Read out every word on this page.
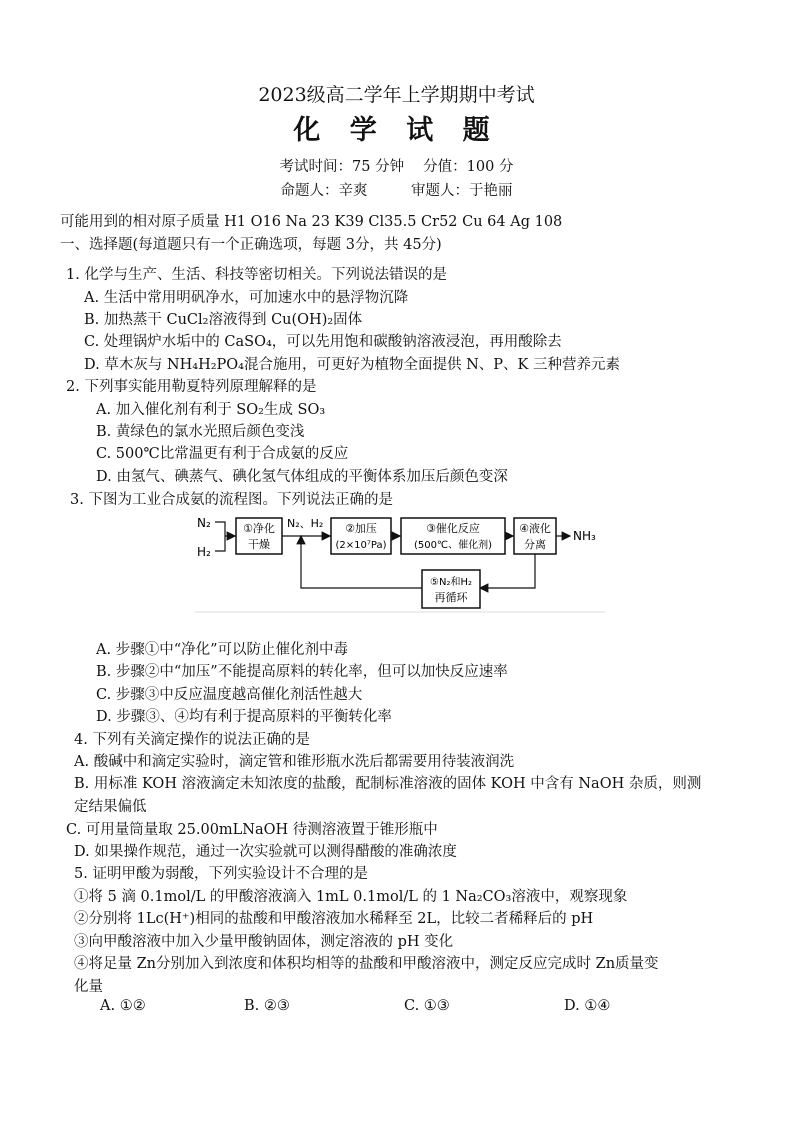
2023级高二学年上学期期中考试
化 学 试 题
考试时间：75 分钟　 分值：100 分
命题人：辛爽　　　审题人：于艳丽
可能用到的相对原子质量 H1 O16 Na 23 K39 Cl35.5 Cr52 Cu 64 Ag 108
一、选择题(每道题只有一个正确选项，每题 3分，共 45分)
1. 化学与生产、生活、科技等密切相关。下列说法错误的是
A. 生活中常用明矾净水，可加速水中的悬浮物沉降
B. 加热蒸干 CuCl₂溶液得到 Cu(OH)₂固体
C. 处理锅炉水垢中的 CaSO₄，可以先用饱和碳酸钠溶液浸泡，再用酸除去
D. 草木灰与 NH₄H₂PO₄混合施用，可更好为植物全面提供 N、P、K 三种营养元素
2. 下列事实能用勒夏特列原理解释的是
A. 加入催化剂有利于 SO₂生成 SO₃
B. 黄绿色的氯水光照后颜色变浅
C. 500℃比常温更有利于合成氨的反应
D. 由氢气、碘蒸气、碘化氢气体组成的平衡体系加压后颜色变深
3. 下图为工业合成氨的流程图。下列说法正确的是
N₂
H₂
①净化
干燥
N₂、H₂ ②加压
(2×10⁷Pa)
③催化反应
(500℃、催化剂)
④液化
分离
NH₃
⑤N₂和H₂
再循环
A. 步骤①中“净化”可以防止催化剂中毒
B. 步骤②中“加压”不能提高原料的转化率，但可以加快反应速率
C. 步骤③中反应温度越高催化剂活性越大
D. 步骤③、④均有利于提高原料的平衡转化率
4. 下列有关滴定操作的说法正确的是
A. 酸碱中和滴定实验时，滴定管和锥形瓶水洗后都需要用待装液润洗
B. 用标准 KOH 溶液滴定未知浓度的盐酸，配制标准溶液的固体 KOH 中含有 NaOH 杂质，则测
定结果偏低
C. 可用量筒量取 25.00mLNaOH 待测溶液置于锥形瓶中
D. 如果操作规范，通过一次实验就可以测得醋酸的准确浓度
5. 证明甲酸为弱酸，下列实验设计不合理的是
①将 5 滴 0.1mol/L 的甲酸溶液滴入 1mL 0.1mol/L 的 1 Na₂CO₃溶液中，观察现象
②分别将 1Lc(H⁺)相同的盐酸和甲酸溶液加水稀释至 2L，比较二者稀释后的 pH
③向甲酸溶液中加入少量甲酸钠固体，测定溶液的 pH 变化
④将足量 Zn分别加入到浓度和体积均相等的盐酸和甲酸溶液中，测定反应完成时 Zn质量变
化量
A. ①②	B. ②③	C. ①③	D. ①④
